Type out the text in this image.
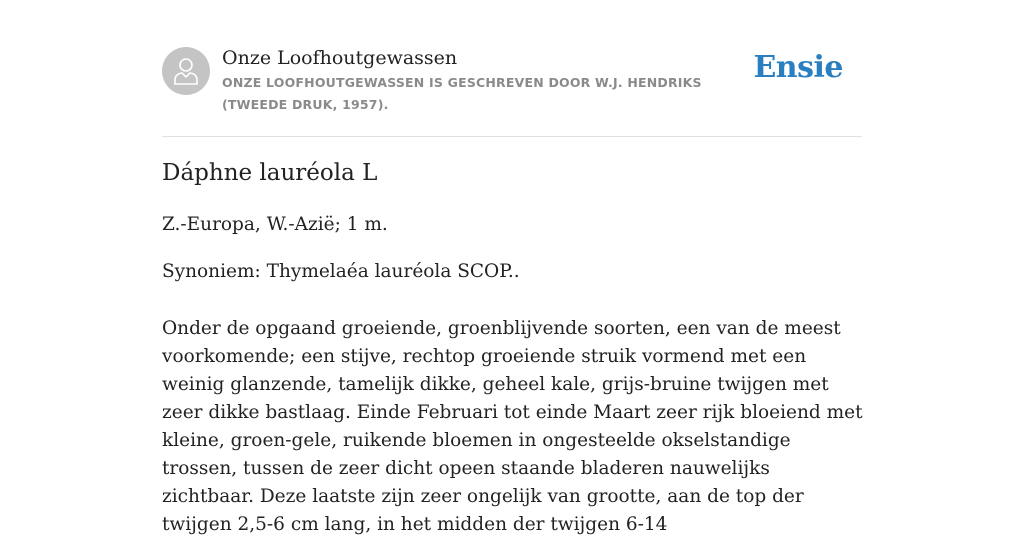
Onze Loofhoutgewassen
ONZE LOOFHOUTGEWASSEN IS GESCHREVEN DOOR W.J. HENDRIKS (TWEEDE DRUK, 1957).
Ensie
Dáphne lauréola L

Z.-Europa, W.-Azië; 1 m.

Synoniem: Thymelaéa lauréola SCOP..

Onder de opgaand groeiende, groenblijvende soorten, een van de meest voorkomende; een stijve, rechtop groeiende struik vormend met een weinig glanzende, tamelijk dikke, geheel kale, grijs-bruine twijgen met zeer dikke bastlaag. Einde Februari tot einde Maart zeer rijk bloeiend met kleine, groen-gele, ruikende bloemen in ongesteelde okselstandige trossen, tussen de zeer dicht opeen staande bladeren nauwelijks zichtbaar. Deze laatste zijn zeer ongelijk van grootte, aan de top der twijgen 2,5-6 cm lang, in het midden der twijgen 6-14
